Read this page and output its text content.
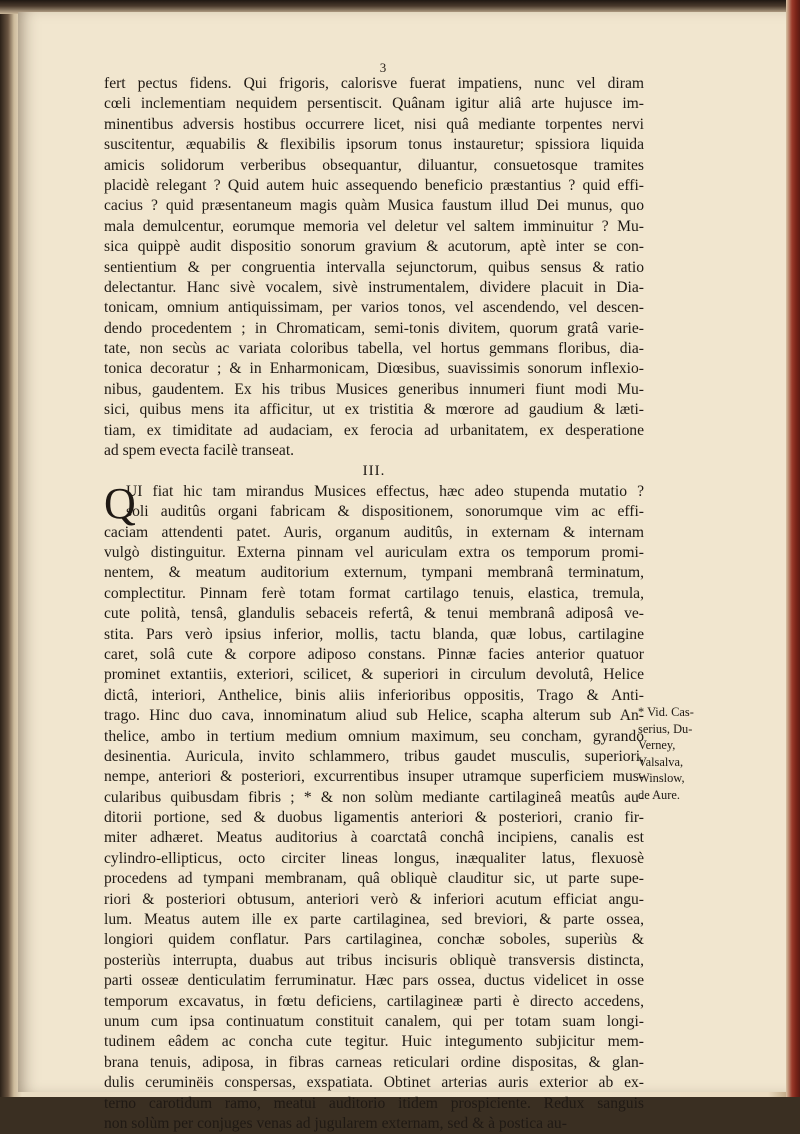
3
fert pectus fidens. Qui frigoris, calorisve fuerat impatiens, nunc vel diram
cœli inclementiam nequidem persentiscit. Quânam igitur aliâ arte hujusce im-
minentibus adversis hostibus occurrere licet, nisi quâ mediante torpentes nervi
suscitentur, æquabilis & flexibilis ipsorum tonus instauretur; spissiora liquida
amicis solidorum verberibus obsequantur, diluantur, consuetosque tramites
placidè relegant ? Quid autem huic assequendo beneficio præstantius ? quid effi-
cacius ? quid præsentaneum magis quàm Musica faustum illud Dei munus, quo
mala demulcentur, eorumque memoria vel deletur vel saltem imminuitur ? Mu-
sica quippè audit dispositio sonorum gravium & acutorum, aptè inter se con-
sentientium & per congruentia intervalla sejunctorum, quibus sensus & ratio
delectantur. Hanc sivè vocalem, sivè instrumentalem, dividere placuit in Dia-
tonicam, omnium antiquissimam, per varios tonos, vel ascendendo, vel descen-
dendo procedentem ; in Chromaticam, semi-tonis divitem, quorum gratâ varie-
tate, non secùs ac variata coloribus tabella, vel hortus gemmans floribus, dia-
tonica decoratur ; & in Enharmonicam, Diœsibus, suavissimis sonorum inflexio-
nibus, gaudentem. Ex his tribus Musices generibus innumeri fiunt modi Mu-
sici, quibus mens ita afficitur, ut ex tristitia & mœrore ad gaudium & læti-
tiam, ex timiditate ad audaciam, ex ferocia ad urbanitatem, ex desperatione
ad spem evecta facilè transeat.
III.
Q
UI fiat hic tam mirandus Musices effectus, hæc adeo stupenda mutatio ?
soli auditûs organi fabricam & dispositionem, sonorumque vim ac effi-
caciam attendenti patet. Auris, organum auditûs, in externam & internam
vulgò distinguitur. Externa pinnam vel auriculam extra os temporum promi-
nentem, & meatum auditorium externum, tympani membranâ terminatum,
complectitur. Pinnam ferè totam format cartilago tenuis, elastica, tremula,
cute polità, tensâ, glandulis sebaceis refertâ, & tenui membranâ adiposâ ve-
stita. Pars verò ipsius inferior, mollis, tactu blanda, quæ lobus, cartilagine
caret, solâ cute & corpore adiposo constans. Pinnæ facies anterior quatuor
prominet extantiis, exteriori, scilicet, & superiori in circulum devolutâ, Helice
dictâ, interiori, Anthelice, binis aliis inferioribus oppositis, Trago & Anti-
trago. Hinc duo cava, innominatum aliud sub Helice, scapha alterum sub An-
thelice, ambo in tertium medium omnium maximum, seu concham, gyrando
desinentia. Auricula, invito schlammero, tribus gaudet musculis, superiori,
nempe, anteriori & posteriori, excurrentibus insuper utramque superficiem mus-
cularibus quibusdam fibris ; * & non solùm mediante cartilagineâ meatûs au-
ditorii portione, sed & duobus ligamentis anteriori & posteriori, cranio fir-
miter adhæret. Meatus auditorius à coarctatâ conchâ incipiens, canalis est
cylindro-ellipticus, octo circiter lineas longus, inæqualiter latus, flexuosè
procedens ad tympani membranam, quâ obliquè clauditur sic, ut parte supe-
riori & posteriori obtusum, anteriori verò & inferiori acutum efficiat angu-
lum. Meatus autem ille ex parte cartilaginea, sed breviori, & parte ossea,
longiori quidem conflatur. Pars cartilaginea, conchæ soboles, superiùs &
posteriùs interrupta, duabus aut tribus incisuris obliquè transversis distincta,
parti osseæ denticulatim ferruminatur. Hæc pars ossea, ductus videlicet in osse
temporum excavatus, in fœtu deficiens, cartilagineæ parti è directo accedens,
unum cum ipsa continuatum constituit canalem, qui per totam suam longi-
tudinem eâdem ac concha cute tegitur. Huic integumento subjicitur mem-
brana tenuis, adiposa, in fibras carneas reticulari ordine dispositas, & glan-
dulis ceruminëis conspersas, exspatiata. Obtinet arterias auris exterior ab ex-
terno carotidum ramo, meatui auditorio itidem prospiciente. Redux sanguis
non solùm per conjuges venas ad jugularem externam, sed & à postica au-
* Vid. Cas-
serius, Du-
Verney,
Valsalva,
Winslow,
de Aure.
